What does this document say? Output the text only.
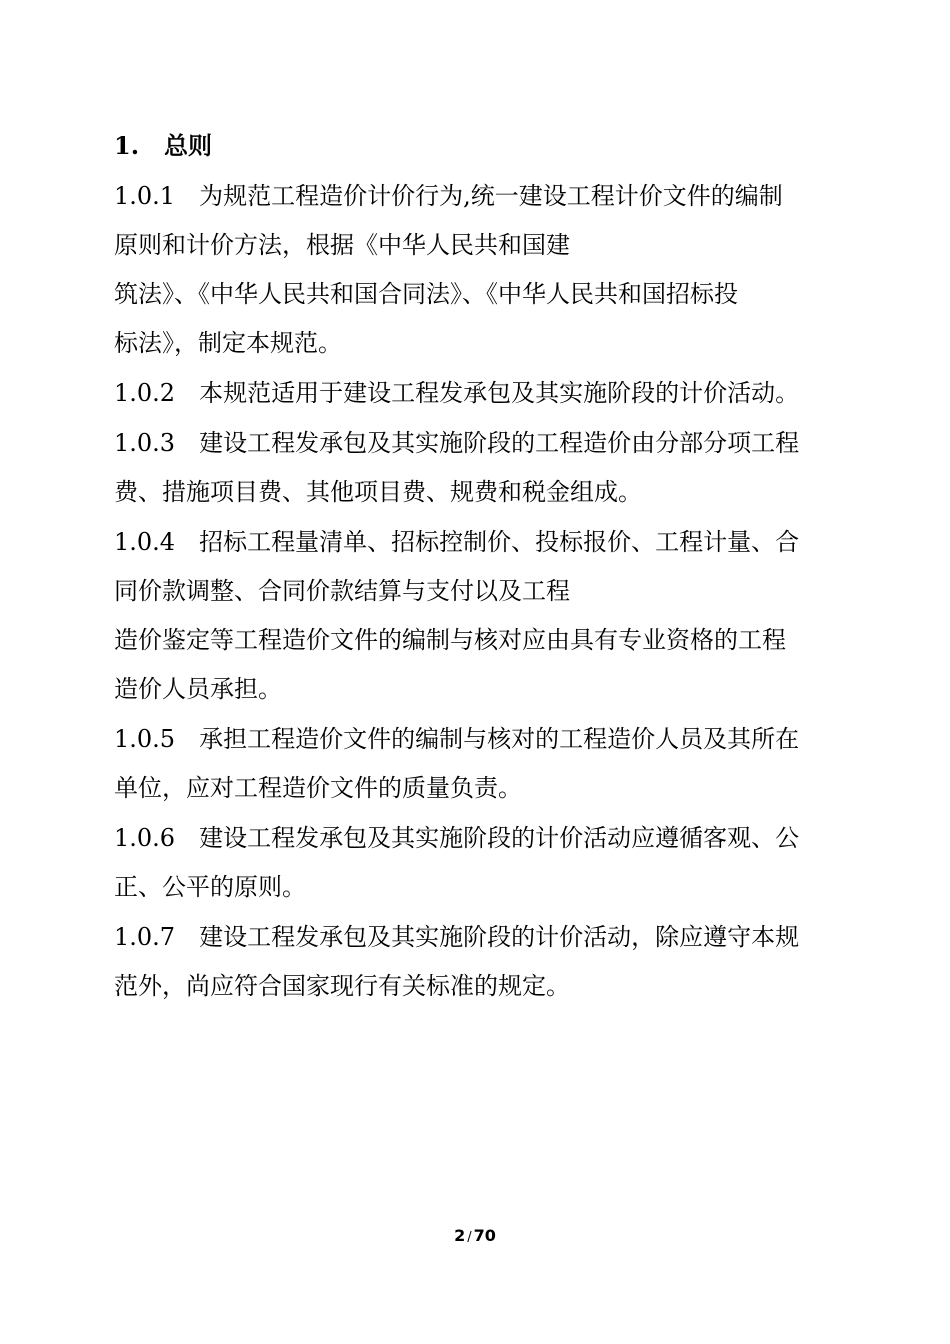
1. 总则
1.0.1　为规范工程造价计价行为,统一建设工程计价文件的编制
原则和计价方法，根据《中华人民共和国建
筑法》、《中华人民共和国合同法》、《中华人民共和国招标投
标法》，制定本规范。
1.0.2　本规范适用于建设工程发承包及其实施阶段的计价活动。
1.0.3　建设工程发承包及其实施阶段的工程造价由分部分项工程
费、措施项目费、其他项目费、规费和税金组成。
1.0.4　招标工程量清单、招标控制价、投标报价、工程计量、合
同价款调整、合同价款结算与支付以及工程
造价鉴定等工程造价文件的编制与核对应由具有专业资格的工程
造价人员承担。
1.0.5　承担工程造价文件的编制与核对的工程造价人员及其所在
单位，应对工程造价文件的质量负责。
1.0.6　建设工程发承包及其实施阶段的计价活动应遵循客观、公
正、公平的原则。
1.0.7　建设工程发承包及其实施阶段的计价活动，除应遵守本规
范外，尚应符合国家现行有关标准的规定。
2 / 70
